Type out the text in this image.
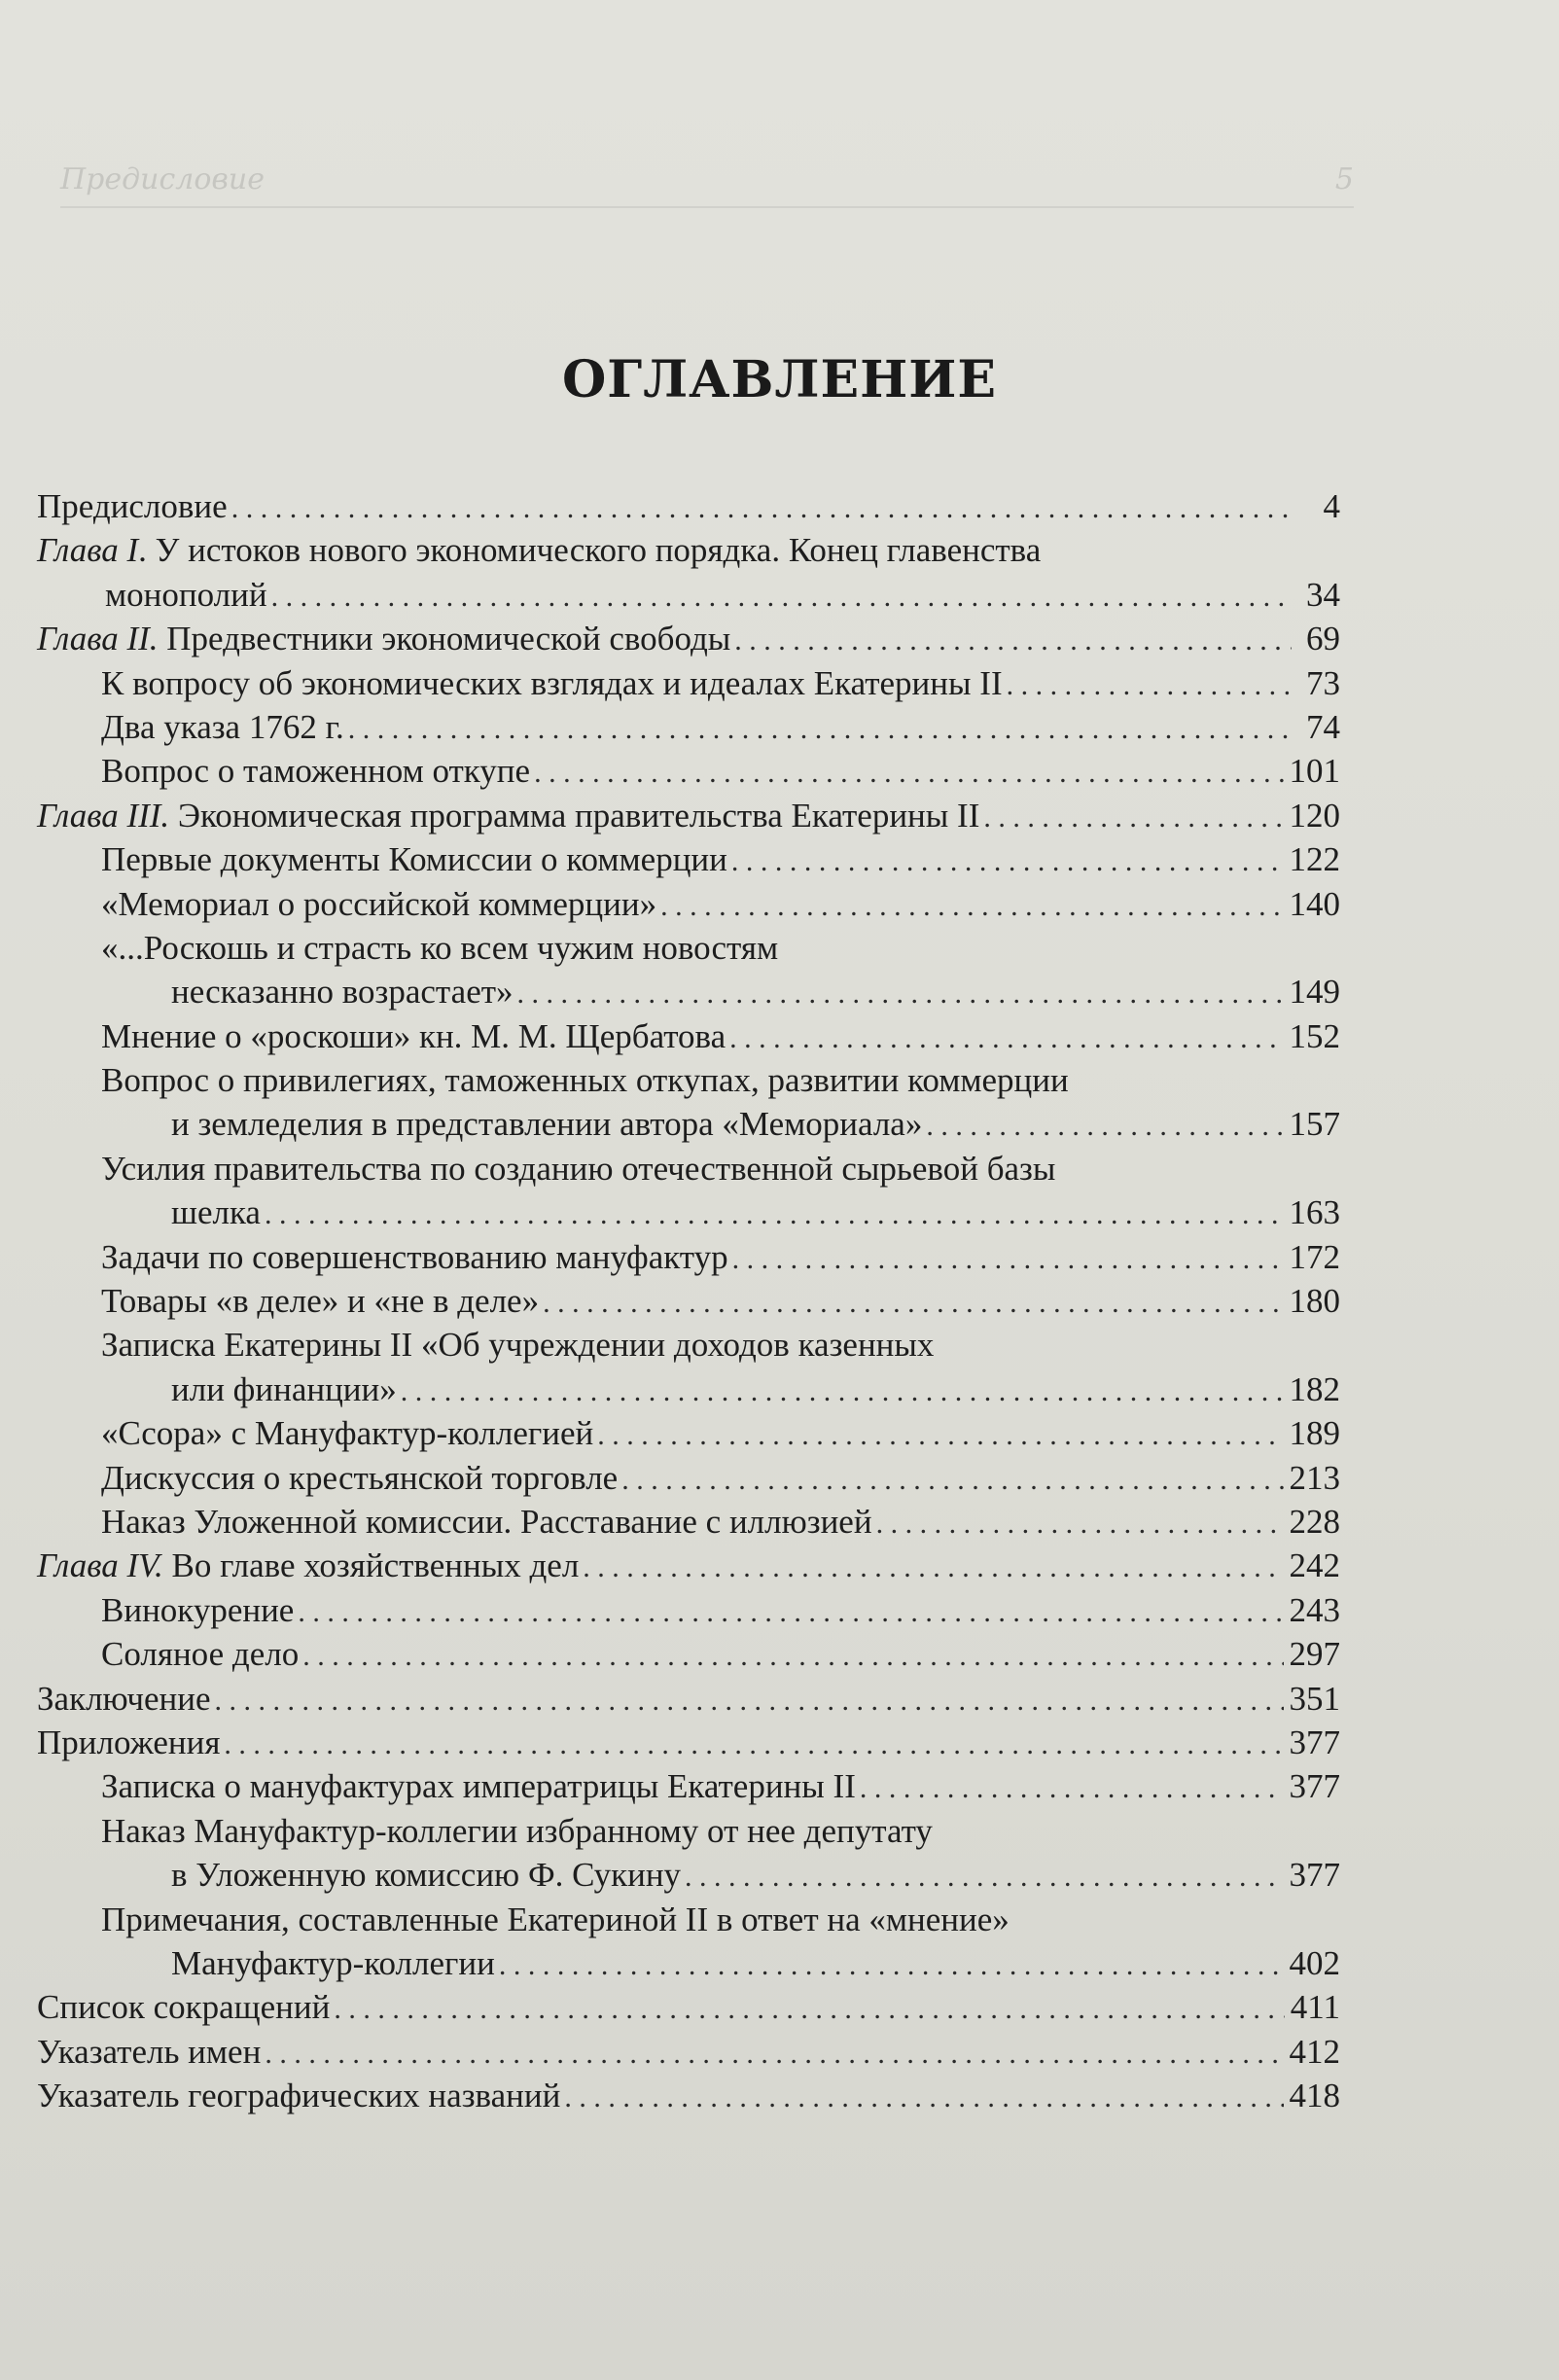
Предисловие	5
ОГЛАВЛЕНИЕ
Предисловие . . .	4
Глава I. У истоков нового экономического порядка. Конец главенства
монополий . . .	34
Глава II. Предвестники экономической свободы . . .	69
К вопросу об экономических взглядах и идеалах Екатерины II . . .	73
Два указа 1762 г. . . .	74
Вопрос о таможенном откупе . . .	101
Глава III. Экономическая программа правительства Екатерины II . . .	120
Первые документы Комиссии о коммерции . . .	122
«Мемориал о российской коммерции» . . .	140
«...Роскошь и страсть ко всем чужим новостям
несказанно возрастает» . . .	149
Мнение о «роскоши» кн. М. М. Щербатова . . .	152
Вопрос о привилегиях, таможенных откупах, развитии коммерции
и земледелия в представлении автора «Мемориала» . . .	157
Усилия правительства по созданию отечественной сырьевой базы
шелка . . .	163
Задачи по совершенствованию мануфактур . . .	172
Товары «в деле» и «не в деле» . . .	180
Записка Екатерины II «Об учреждении доходов казенных
или финанции» . . .	182
«Ссора» с Мануфактур-коллегией . . .	189
Дискуссия о крестьянской торговле . . .	213
Наказ Уложенной комиссии. Расставание с иллюзией . . .	228
Глава IV. Во главе хозяйственных дел . . .	242
Винокурение . . .	243
Соляное дело . . .	297
Заключение . . .	351
Приложения . . .	377
Записка о мануфактурах императрицы Екатерины II . . .	377
Наказ Мануфактур-коллегии избранному от нее депутату
в Уложенную комиссию Ф. Сукину . . .	377
Примечания, составленные Екатериной II в ответ на «мнение»
Мануфактур-коллегии . . .	402
Список сокращений . . .	411
Указатель имен . . .	412
Указатель географических названий . . .	418
